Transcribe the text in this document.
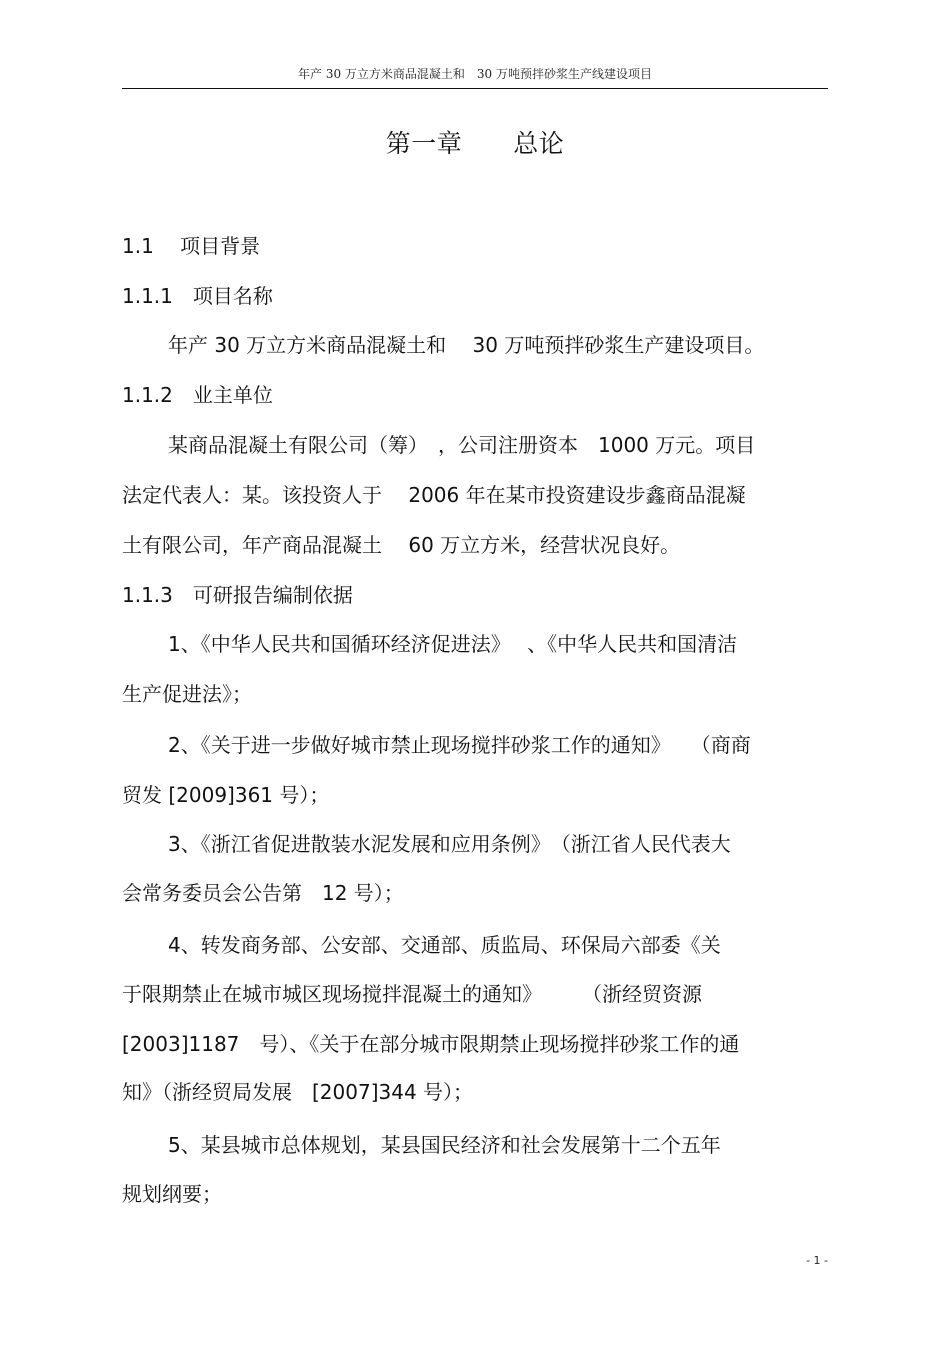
年产 30 万立方米商品混凝土和　30 万吨预拌砂浆生产线建设项目
第一章　　总论
1.1　 项目背景
1.1.1　项目名称
年产 30 万立方米商品混凝土和　 30 万吨预拌砂浆生产建设项目。
1.1.2　业主单位
某商品混凝土有限公司（筹）　，公司注册资本　1000 万元。项目
法定代表人：某。该投资人于　 2006 年在某市投资建设步鑫商品混凝
土有限公司，年产商品混凝土　 60 万立方米，经营状况良好。
1.1.3　可研报告编制依据
1、《中华人民共和国循环经济促进法》　 、《中华人民共和国清洁
生产促进法》；
2、《关于进一步做好城市禁止现场搅拌砂浆工作的通知》　　（商商
贸发 [2009]361 号）；
3、《浙江省促进散装水泥发展和应用条例》　（浙江省人民代表大
会常务委员会公告第　12 号）；
4、转发商务部、公安部、交通部、质监局、环保局六部委《关
于限期禁止在城市城区现场搅拌混凝土的通知》　　　（浙经贸资源
[2003]1187　号）、《关于在部分城市限期禁止现场搅拌砂浆工作的通
知》（浙经贸局发展　[2007]344 号）；
5、某县城市总体规划，某县国民经济和社会发展第十二个五年
规划纲要；
- 1 -
